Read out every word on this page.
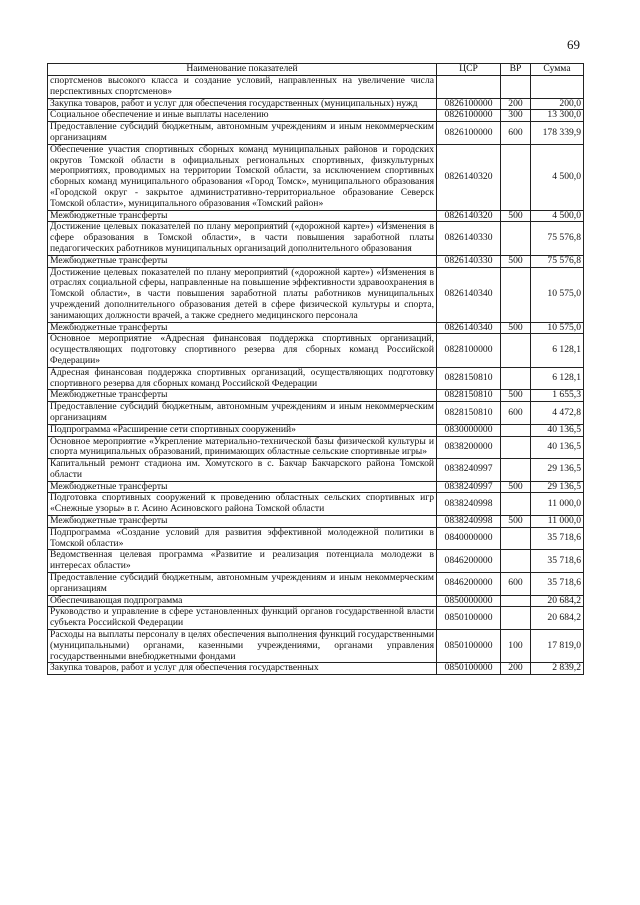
69
Наименование показателей	ЦСР	ВР	Сумма
спортсменов высокого класса и создание условий, направленных на увеличение числа перспективных спортсменов»			
Закупка товаров, работ и услуг для обеспечения государственных (муниципальных) нужд	0826100000	200	200,0
Социальное обеспечение и иные выплаты населению	0826100000	300	13 300,0
Предоставление субсидий бюджетным, автономным учреждениям и иным некоммерческим организациям	0826100000	600	178 339,9
Обеспечение участия спортивных сборных команд муниципальных районов и городских округов Томской области в официальных региональных спортивных, физкультурных мероприятиях, проводимых на территории Томской области, за исключением спортивных сборных команд муниципального образования «Город Томск», муниципального образования «Городской округ - закрытое административно-территориальное образование Северск Томской области», муниципального образования «Томский район»	0826140320		4 500,0
Межбюджетные трансферты	0826140320	500	4 500,0
Достижение целевых показателей по плану мероприятий («дорожной карте») «Изменения в сфере образования в Томской области», в части повышения заработной платы педагогических работников муниципальных организаций дополнительного образования	0826140330		75 576,8
Межбюджетные трансферты	0826140330	500	75 576,8
Достижение целевых показателей по плану мероприятий («дорожной карте») «Изменения в отраслях социальной сферы, направленные на повышение эффективности здравоохранения в Томской области», в части повышения заработной платы работников муниципальных учреждений дополнительного образования детей в сфере физической культуры и спорта, занимающих должности врачей, а также среднего медицинского персонала	0826140340		10 575,0
Межбюджетные трансферты	0826140340	500	10 575,0
Основное мероприятие «Адресная финансовая поддержка спортивных организаций, осуществляющих подготовку спортивного резерва для сборных команд Российской Федерации»	0828100000		6 128,1
Адресная финансовая поддержка спортивных организаций, осуществляющих подготовку спортивного резерва для сборных команд Российской Федерации	0828150810		6 128,1
Межбюджетные трансферты	0828150810	500	1 655,3
Предоставление субсидий бюджетным, автономным учреждениям и иным некоммерческим организациям	0828150810	600	4 472,8
Подпрограмма «Расширение сети спортивных сооружений»	0830000000		40 136,5
Основное мероприятие «Укрепление материально-технической базы физической культуры и спорта муниципальных образований, принимающих областные сельские спортивные игры»	0838200000		40 136,5
Капитальный ремонт стадиона им. Хомутского в с. Бакчар Бакчарского района Томской области	0838240997		29 136,5
Межбюджетные трансферты	0838240997	500	29 136,5
Подготовка спортивных сооружений к проведению областных сельских спортивных игр «Снежные узоры» в г. Асино Асиновского района Томской области	0838240998		11 000,0
Межбюджетные трансферты	0838240998	500	11 000,0
Подпрограмма «Создание условий для развития эффективной молодежной политики в Томской области»	0840000000		35 718,6
Ведомственная целевая программа «Развитие и реализация потенциала молодежи в интересах области»	0846200000		35 718,6
Предоставление субсидий бюджетным, автономным учреждениям и иным некоммерческим организациям	0846200000	600	35 718,6
Обеспечивающая подпрограмма	0850000000		20 684,2
Руководство и управление в сфере установленных функций органов государственной власти субъекта Российской Федерации	0850100000		20 684,2
Расходы на выплаты персоналу в целях обеспечения выполнения функций государственными (муниципальными) органами, казенными учреждениями, органами управления государственными внебюджетными фондами	0850100000	100	17 819,0
Закупка товаров, работ и услуг для обеспечения государственных	0850100000	200	2 839,2
